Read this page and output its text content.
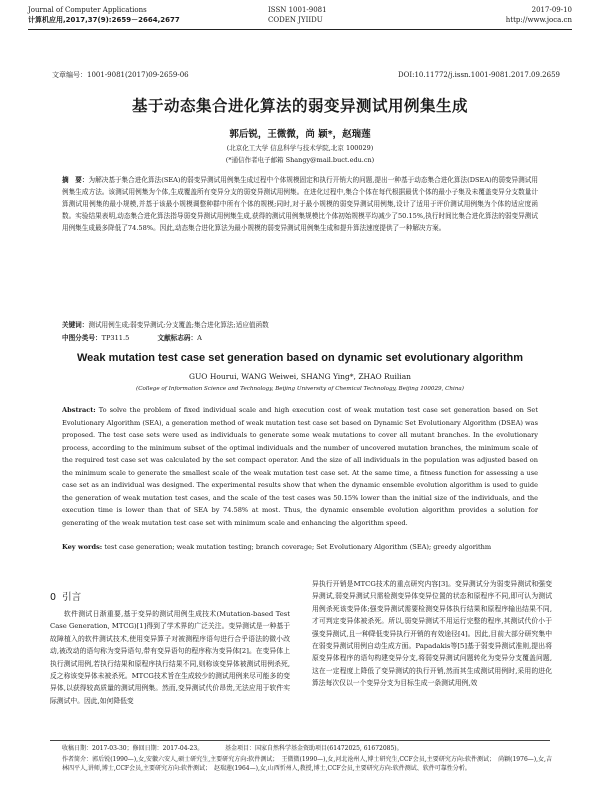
Journal of Computer Applications
计算机应用,2017,37(9):2659－2664,2677
ISSN 1001-9081
CODEN JYIIDU
2017-09-10
http://www.joca.cn
文章编号：1001-9081(2017)09-2659-06	DOI:10.11772/j.issn.1001-9081.2017.09.2659
基于动态集合进化算法的弱变异测试用例集生成
郭后锐，王微微，尚 颖*，赵瑞莲
(北京化工大学 信息科学与技术学院,北京 100029)
(*通信作者电子邮箱 Shangy@mail.buct.edu.cn)
摘　要：为解决基于集合进化算法(SEA)的弱变异测试用例集生成过程中个体规模固定和执行开销大的问题,提出一种基于动态集合进化算法(DSEA)的弱变异测试用例集生成方法。该测试用例集为个体,生成覆盖所有变异分支的弱变异测试用例集。在进化过程中,集合个体在每代根据最优个体的最小子集及未覆盖变异分支数量计算测试用例集的最小规模,并基于该最小规模调整种群中所有个体的规模;同时,对于最小规模的弱变异测试用例集,设计了适用于评价测试用例集为个体的适应度函数。实验结果表明,动态集合进化算法指导弱变异测试用例集生成,获得的测试用例集规模比个体初始规模平均减少了50.15%,执行时间比集合进化算法的弱变异测试用例集生成最多降低了74.58%。因此,动态集合进化算法为最小规模的弱变异测试用例集生成和提升算法速度提供了一种解决方案。
关键词：测试用例生成;弱变异测试;分支覆盖;集合进化算法;适应值函数
中图分类号：TP311.5	文献标志码：A
Weak mutation test case set generation based on dynamic set evolutionary algorithm
GUO Hourui, WANG Weiwei, SHANG Ying*, ZHAO Ruilian
(College of Information Science and Technology, Beijing University of Chemical Technology, Beijing 100029, China)
Abstract: To solve the problem of fixed individual scale and high execution cost of weak mutation test case set generation based on Set Evolutionary Algorithm (SEA), a generation method of weak mutation test case set based on Dynamic Set Evolutionary Algorithm (DSEA) was proposed. The test case sets were used as individuals to generate some weak mutations to cover all mutant branches. In the evolutionary process, according to the minimum subset of the optimal individuals and the number of uncovered mutation branches, the minimum scale of the required test case set was calculated by the set compact operator. And the size of all individuals in the population was adjusted based on the minimum scale to generate the smallest scale of the weak mutation test case set. At the same time, a fitness function for assessing a use case set as an individual was designed. The experimental results show that when the dynamic ensemble evolution algorithm is used to guide the generation of weak mutation test cases, and the scale of the test cases was 50.15% lower than the initial size of the individuals, and the execution time is lower than that of SEA by 74.58% at most. Thus, the dynamic ensemble evolution algorithm provides a solution for generating of the weak mutation test case set with minimum scale and enhancing the algorithm speed.
Key words: test case generation; weak mutation testing; branch coverage; Set Evolutionary Algorithm (SEA); greedy algorithm
0 引言
软件测试日渐重要,基于变异的测试用例生成技术(Mutation-based Test Case Generation, MTCG)[1]得到了学术界的广泛关注。变异测试是一种基于故障植入的软件测试技术,使用变异算子对被测程序语句进行合乎语法的微小改动,被改动的语句称为变异语句,带有变异语句的程序称为变异体[2]。在变异体上执行测试用例,若执行结果和原程序执行结果不同,则称该变异体被测试用例杀死,反之称该变异体未被杀死。MTCG技术旨在生成较少的测试用例来尽可能多的变异体,以获得较高质量的测试用例集。然而,变异测试代价昂贵,无法应用于软件实际测试中。因此,如何降低变
异执行开销是MTCG技术的重点研究内容[3]。变异测试分为弱变异测试和强变异测试,弱变异测试只需检测变异体变异位置的状态和原程序不同,即可认为测试用例杀死该变异体;强变异测试需要检测变异体执行结果和原程序输出结果不同,才可判定变异体被杀死。所以,弱变异测试不用运行完整的程序,其测试代价小于强变异测试,且一种降低变异执行开销的有效途径[4]。因此,目前大部分研究集中在弱变异测试用例自动生成方面。Papadakis等[5]基于弱变异测试准则,提出将原变异体程序的语句构建变异分支,将弱变异测试问题转化为变异分支覆盖问题,这在一定程度上降低了变异测试的执行开销,然而其生成测试用例时,采用的进化算法每次仅以一个变异分支为目标生成一条测试用例,效
收稿日期：2017-03-30；修回日期：2017-04-23。	基金项目：国家自然科学基金资助项目(61472025, 61672085)。
作者简介：郭后锐(1990—),女,安徽六安人,硕士研究生,主要研究方向:软件测试；　王微微(1990—),女,河北沧州人,博士研究生,CCF会员,主要研究方向:软件测试；　尚颖(1976—),女,吉林四平人,讲师,博士,CCF会员,主要研究方向:软件测试；　赵瑞莲(1964—),女,山西忻州人,教授,博士,CCF会员,主要研究方向:软件测试、软件可靠性分析。
